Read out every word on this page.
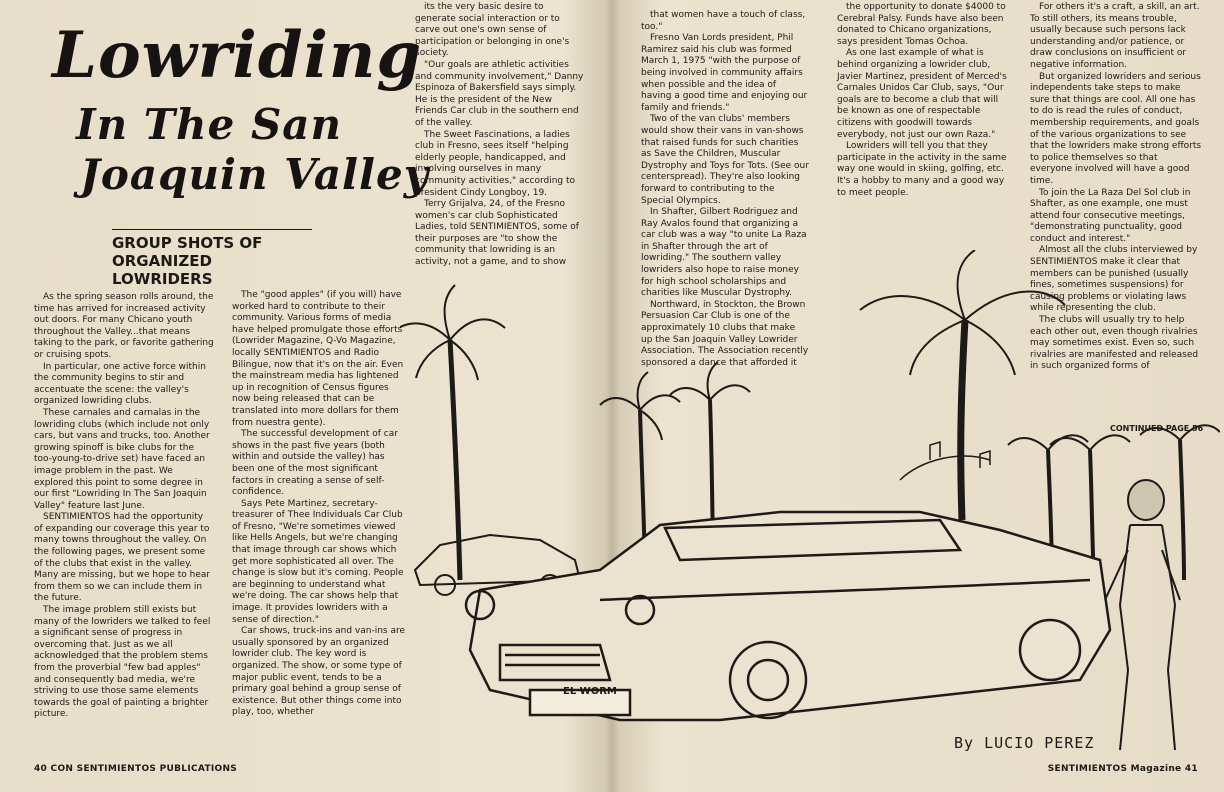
Lowriding
In The San
Joaquin Valley
GROUP SHOTS OF ORGANIZED LOWRIDERS

As the spring season rolls around, the time has arrived for increased activity out doors. For many Chicano youth throughout the Valley...that means taking to the park, or favorite gathering or cruising spots.

In particular, one active force within the community begins to stir and accentuate the scene: the valley's organized lowriding clubs.

These carnales and carnalas in the lowriding clubs (which include not only cars, but vans and trucks, too. Another growing spinoff is bike clubs for the too-young-to-drive set) have faced an image problem in the past. We explored this point to some degree in our first "Lowriding In The San Joaquin Valley" feature last June.

SENTIMIENTOS had the opportunity of expanding our coverage this year to many towns throughout the valley. On the following pages, we present some of the clubs that exist in the valley. Many are missing, but we hope to hear from them so we can include them in the future.

The image problem still exists but many of the lowriders we talked to feel a significant sense of progress in overcoming that. Just as we all acknowledged that the problem stems from the proverbial "few bad apples" and consequently bad media, we're striving to use those same elements towards the goal of painting a brighter picture.

The "good apples" (if you will) have worked hard to contribute to their community. Various forms of media have helped promulgate those efforts (Lowrider Magazine, Q-Vo Magazine, locally SENTIMIENTOS and Radio Bilingue, now that it's on the air. Even the mainstream media has lightened up in recognition of Census figures now being released that can be translated into more dollars for them from nuestra gente).

The successful development of car shows in the past five years (both within and outside the valley) has been one of the most significant factors in creating a sense of self-confidence.

Says Pete Martinez, secretary-treasurer of Thee Individuals Car Club of Fresno, "We're sometimes viewed like Hells Angels, but we're changing that image through car shows which get more sophisticated all over. The change is slow but it's coming. People are beginning to understand what we're doing. The car shows help that image. It provides lowriders with a sense of direction."

Car shows, truck-ins and van-ins are usually sponsored by an organized lowrider club. The key word is organized. The show, or some type of major public event, tends to be a primary goal behind a group sense of existence. But other things come into play, too, whether

its the very basic desire to generate social interaction or to carve out one's own sense of participation or belonging in one's society.

"Our goals are athletic activities and community involvement," Danny Espinoza of Bakersfield says simply. He is the president of the New Friends Car club in the southern end of the valley.

The Sweet Fascinations, a ladies club in Fresno, sees itself "helping elderly people, handicapped, and involving ourselves in many community activities," according to president Cindy Longboy, 19.

Terry Grijalva, 24, of the Fresno women's car club Sophisticated Ladies, told SENTIMIENTOS, some of their purposes are "to show the community that lowriding is an activity, not a game, and to show

that women have a touch of class, too."

Fresno Van Lords president, Phil Ramirez said his club was formed March 1, 1975 "with the purpose of being involved in community affairs when possible and the idea of having a good time and enjoying our family and friends."

Two of the van clubs' members would show their vans in van-shows that raised funds for such charities as Save the Children, Muscular Dystrophy and Toys for Tots. (See our centerspread). They're also looking forward to contributing to the Special Olympics.

In Shafter, Gilbert Rodriguez and Ray Avalos found that organizing a car club was a way "to unite La Raza in Shafter through the art of lowriding." The southern valley lowriders also hope to raise money for high school scholarships and charities like Muscular Dystrophy.

Northward, in Stockton, the Brown Persuasion Car Club is one of the approximately 10 clubs that make up the San Joaquin Valley Lowrider Association. The Association recently sponsored a dance that afforded it

the opportunity to donate $4000 to Cerebral Palsy. Funds have also been donated to Chicano organizations, says president Tomas Ochoa.

As one last example of what is behind organizing a lowrider club, Javier Martinez, president of Merced's Carnales Unidos Car Club, says, "Our goals are to become a club that will be known as one of respectable citizens with goodwill towards everybody, not just our own Raza."

Lowriders will tell you that they participate in the activity in the same way one would in skiing, golfing, etc. It's a hobby to many and a good way to meet people.

For others it's a craft, a skill, an art. To still others, its means trouble, usually because such persons lack understanding and/or patience, or draw conclusions on insufficient or negative information.

But organized lowriders and serious independents take steps to make sure that things are cool. All one has to do is read the rules of conduct, membership requirements, and goals of the various organizations to see that the lowriders make strong efforts to police themselves so that everyone involved will have a good time.

To join the La Raza Del Sol club in Shafter, as one example, one must attend four consecutive meetings, "demonstrating punctuality, good conduct and interest."

Almost all the clubs interviewed by SENTIMIENTOS make it clear that members can be punished (usually fines, sometimes suspensions) for causing problems or violating laws while representing the club.

The clubs will usually try to help each other out, even though rivalries may sometimes exist. Even so, such rivalries are manifested and released in such organized forms of

CONTINUED PAGE 56
EL WORM
By LUCIO PEREZ
40 CON SENTIMIENTOS PUBLICATIONS	SENTIMIENTOS Magazine 41
